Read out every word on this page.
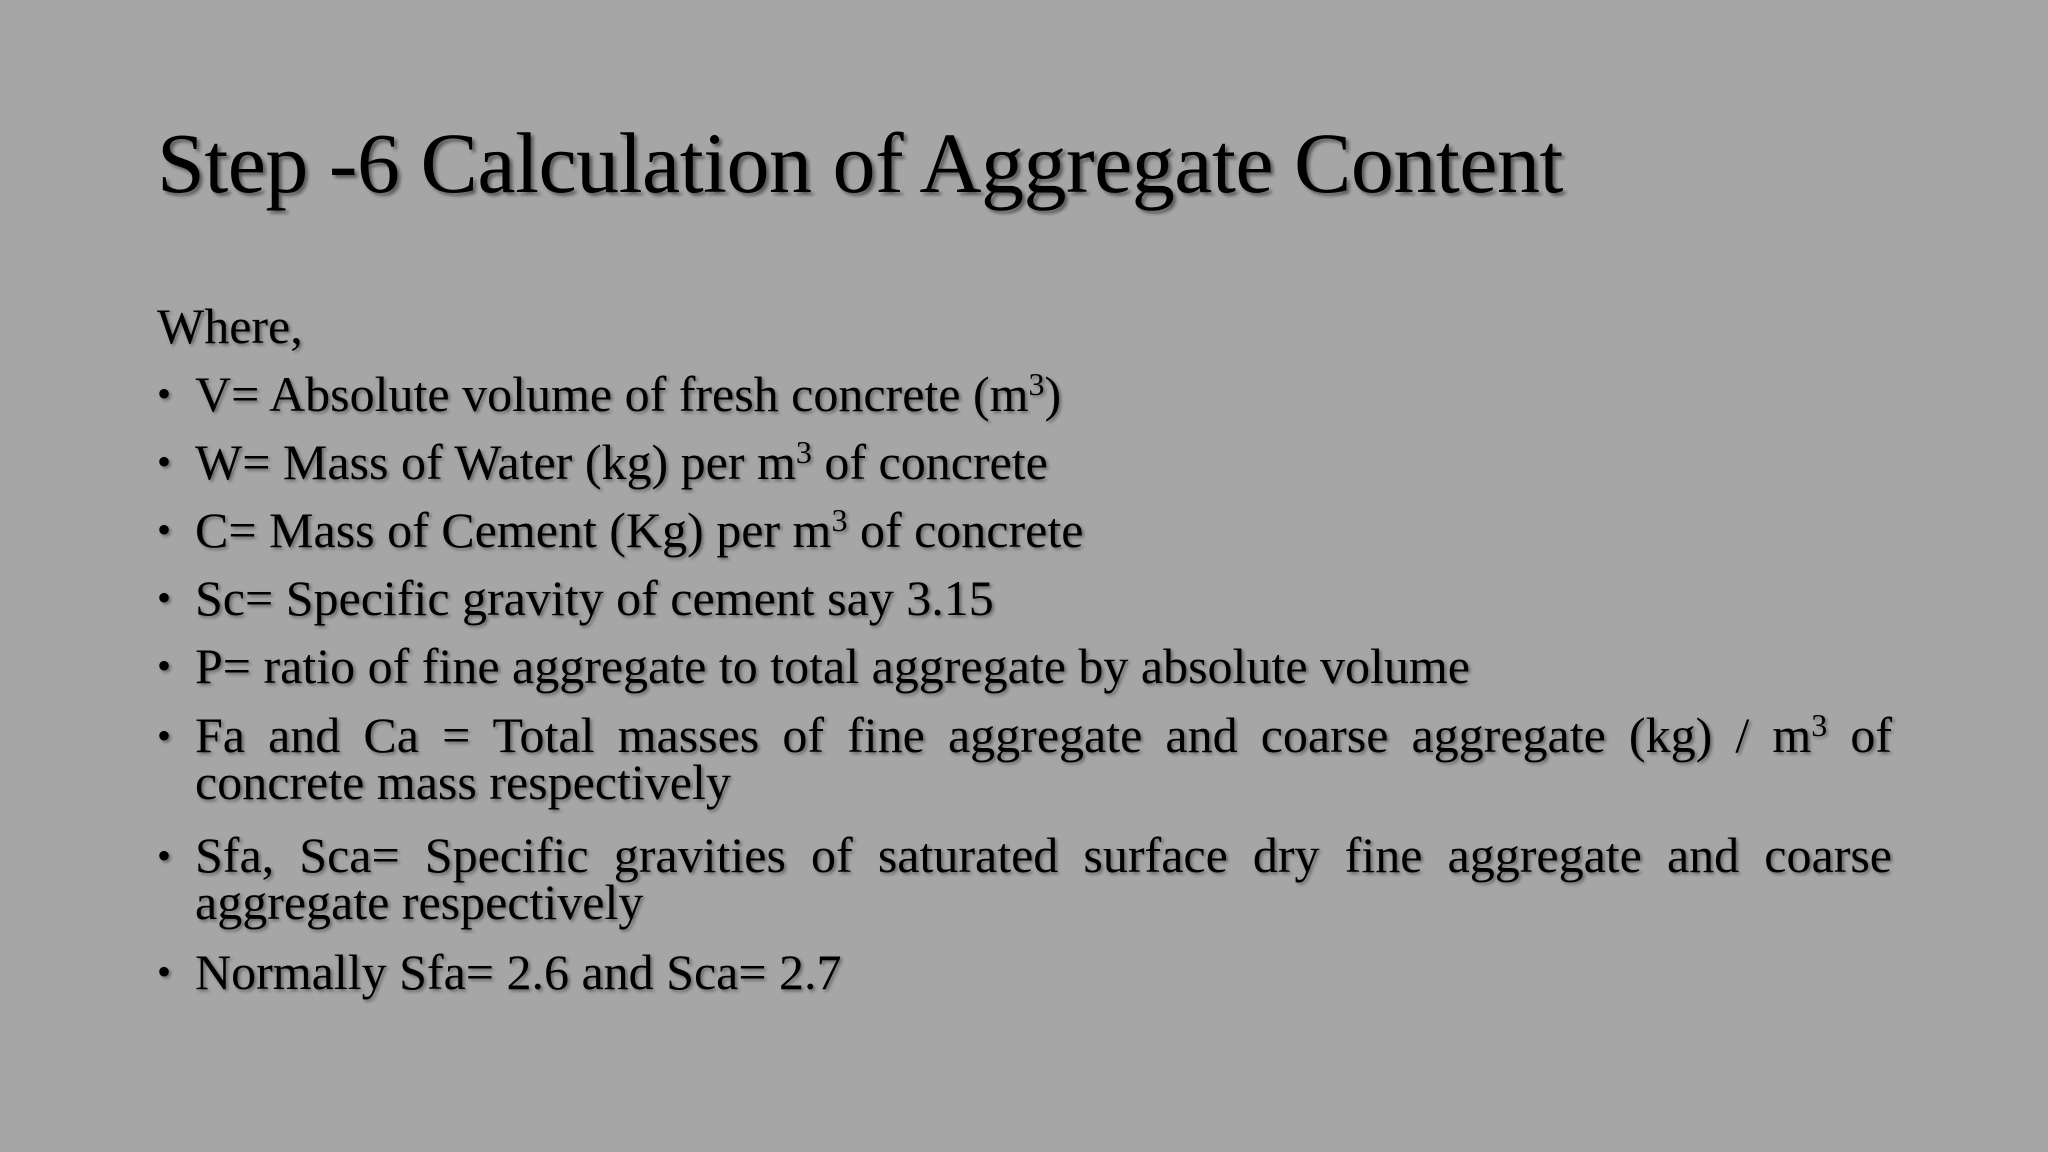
Step -6 Calculation of Aggregate Content
Where,
• V= Absolute volume of fresh concrete $(m^3)$
• W= Mass of Water (kg) per $m^3$ of concrete
• C= Mass of Cement (Kg) per $m^3$ of concrete
• Sc= Specific gravity of cement say 3.15
• P= ratio of fine aggregate to total aggregate by absolute volume
• Fa and Ca = Total masses of fine aggregate and coarse aggregate $(kg) / m^3$ of concrete mass respectively
• Sfa, Sca= Specific gravities of saturated surface dry fine aggregate and coarse aggregate respectively
• Normally Sfa= 2.6 and Sca= 2.7
